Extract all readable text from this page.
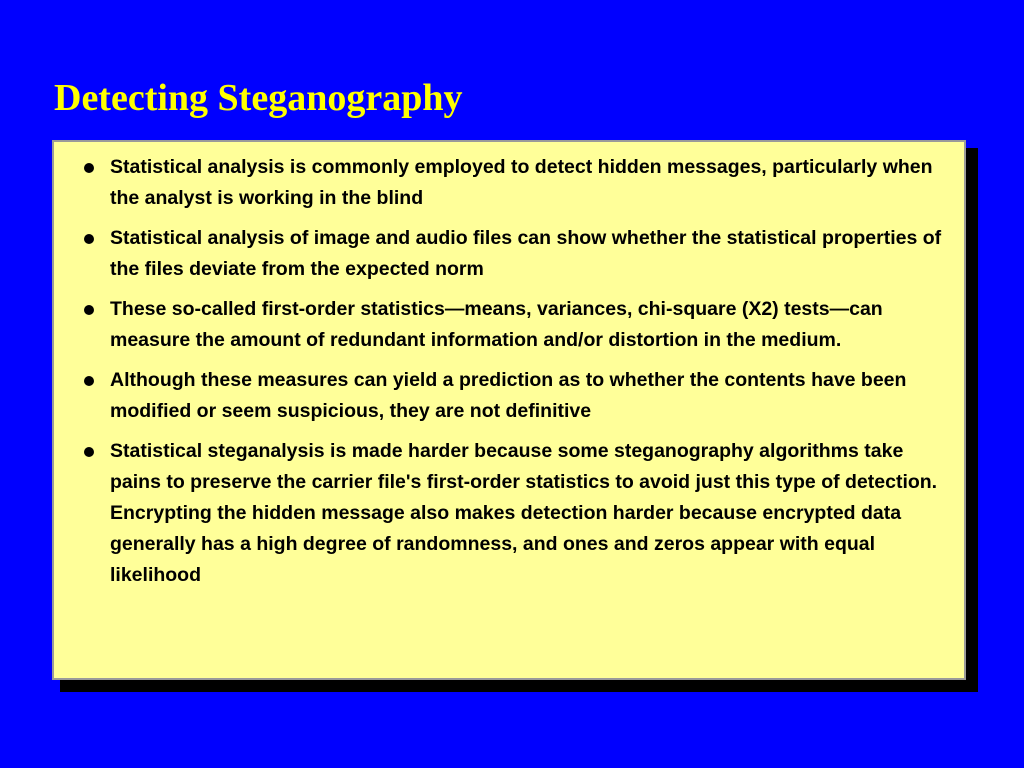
Detecting Steganography
Statistical analysis is commonly employed to detect hidden messages, particularly when the analyst is working in the blind
Statistical analysis of image and audio files can show whether the statistical properties of the files deviate from the expected norm
These so-called first-order statistics—means, variances, chi-square (X2) tests—can measure the amount of redundant information and/or distortion in the medium.
Although these measures can yield a prediction as to whether the contents have been modified or seem suspicious, they are not definitive
Statistical steganalysis is made harder because some steganography algorithms take pains to preserve the carrier file's first-order statistics to avoid just this type of detection. Encrypting the hidden message also makes detection harder because encrypted data generally has a high degree of randomness, and ones and zeros appear with equal likelihood
